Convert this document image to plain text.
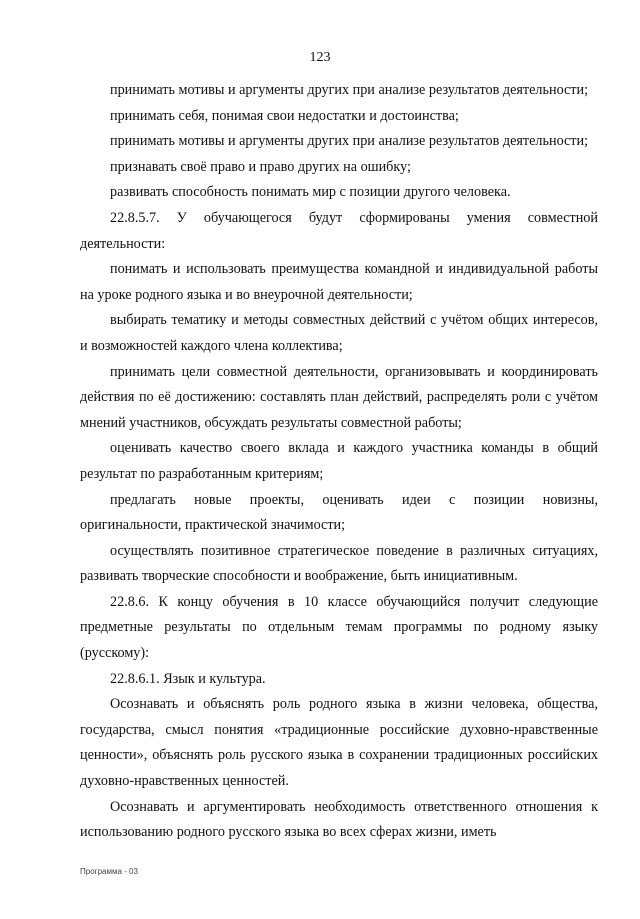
123

принимать мотивы и аргументы других при анализе результатов деятельности;

принимать себя, понимая свои недостатки и достоинства;

принимать мотивы и аргументы других при анализе результатов деятельности;

признавать своё право и право других на ошибку;

развивать способность понимать мир с позиции другого человека.

22.8.5.7. У обучающегося будут сформированы умения совместной деятельности:

понимать и использовать преимущества командной и индивидуальной работы на уроке родного языка и во внеурочной деятельности;

выбирать тематику и методы совместных действий с учётом общих интересов, и возможностей каждого члена коллектива;

принимать цели совместной деятельности, организовывать и координировать действия по её достижению: составлять план действий, распределять роли с учётом мнений участников, обсуждать результаты совместной работы;

оценивать качество своего вклада и каждого участника команды в общий результат по разработанным критериям;

предлагать новые проекты, оценивать идеи с позиции новизны, оригинальности, практической значимости;

осуществлять позитивное стратегическое поведение в различных ситуациях, развивать творческие способности и воображение, быть инициативным.

22.8.6. К концу обучения в 10 классе обучающийся получит следующие предметные результаты по отдельным темам программы по родному языку (русскому):

22.8.6.1. Язык и культура.

Осознавать и объяснять роль родного языка в жизни человека, общества, государства, смысл понятия «традиционные российские духовно-нравственные ценности», объяснять роль русского языка в сохранении традиционных российских духовно-нравственных ценностей.

Осознавать и аргументировать необходимость ответственного отношения к использованию родного русского языка во всех сферах жизни, иметь

Программа - 03
